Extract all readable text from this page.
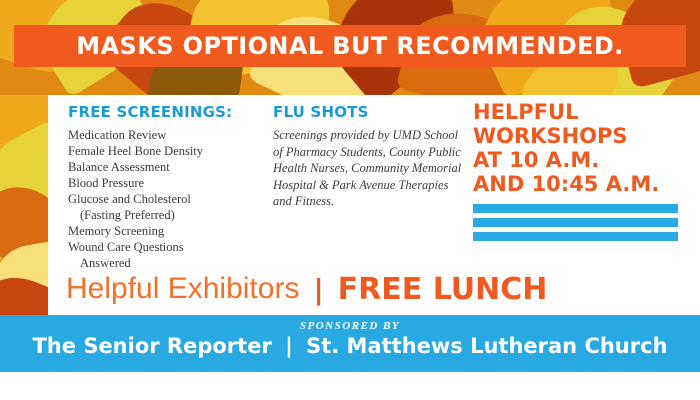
MASKS OPTIONAL BUT RECOMMENDED.
FREE SCREENINGS:
Medication Review
Female Heel Bone Density
Balance Assessment
Blood Pressure
Glucose and Cholesterol
(Fasting Preferred)
Memory Screening
Wound Care Questions
Answered
FLU SHOTS
Screenings provided by UMD School of Pharmacy Students, County Public Health Nurses, Community Memorial Hospital & Park Avenue Therapies and Fitness.
HELPFUL
WORKSHOPS
AT 10 A.M.
AND 10:45 A.M.
Helpful Exhibitors | FREE LUNCH
SPONSORED BY
The Senior Reporter | St. Matthews Lutheran Church
